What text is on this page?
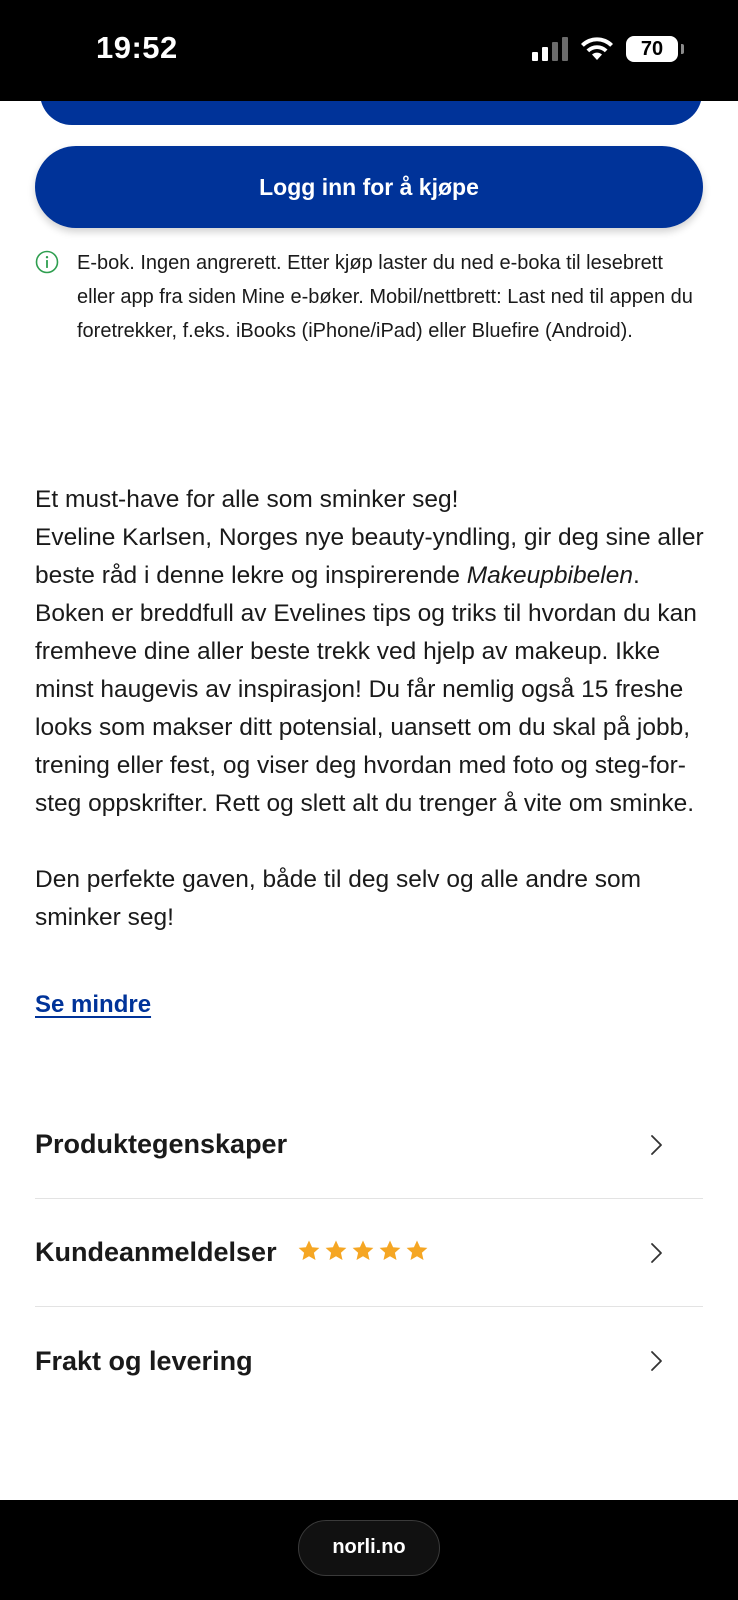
19:52	70
Logg inn for å kjøpe
E-bok. Ingen angrerett. Etter kjøp laster du ned e-boka til lesebrett eller app fra siden Mine e-bøker. Mobil/nettbrett: Last ned til appen du foretrekker, f.eks. iBooks (iPhone/iPad) eller Bluefire (Android).

Et must-have for alle som sminker seg!

Eveline Karlsen, Norges nye beauty-yndling, gir deg sine aller beste råd i denne lekre og inspirerende Makeupbibelen. Boken er breddfull av Evelines tips og triks til hvordan du kan fremheve dine aller beste trekk ved hjelp av makeup. Ikke minst haugevis av inspirasjon! Du får nemlig også 15 freshe looks som makser ditt potensial, uansett om du skal på jobb, trening eller fest, og viser deg hvordan med foto og steg-for-steg oppskrifter. Rett og slett alt du trenger å vite om sminke.

Den perfekte gaven, både til deg selv og alle andre som sminker seg!

Se mindre
Produktegenskaper
Kundeanmeldelser
Frakt og levering
norli.no
